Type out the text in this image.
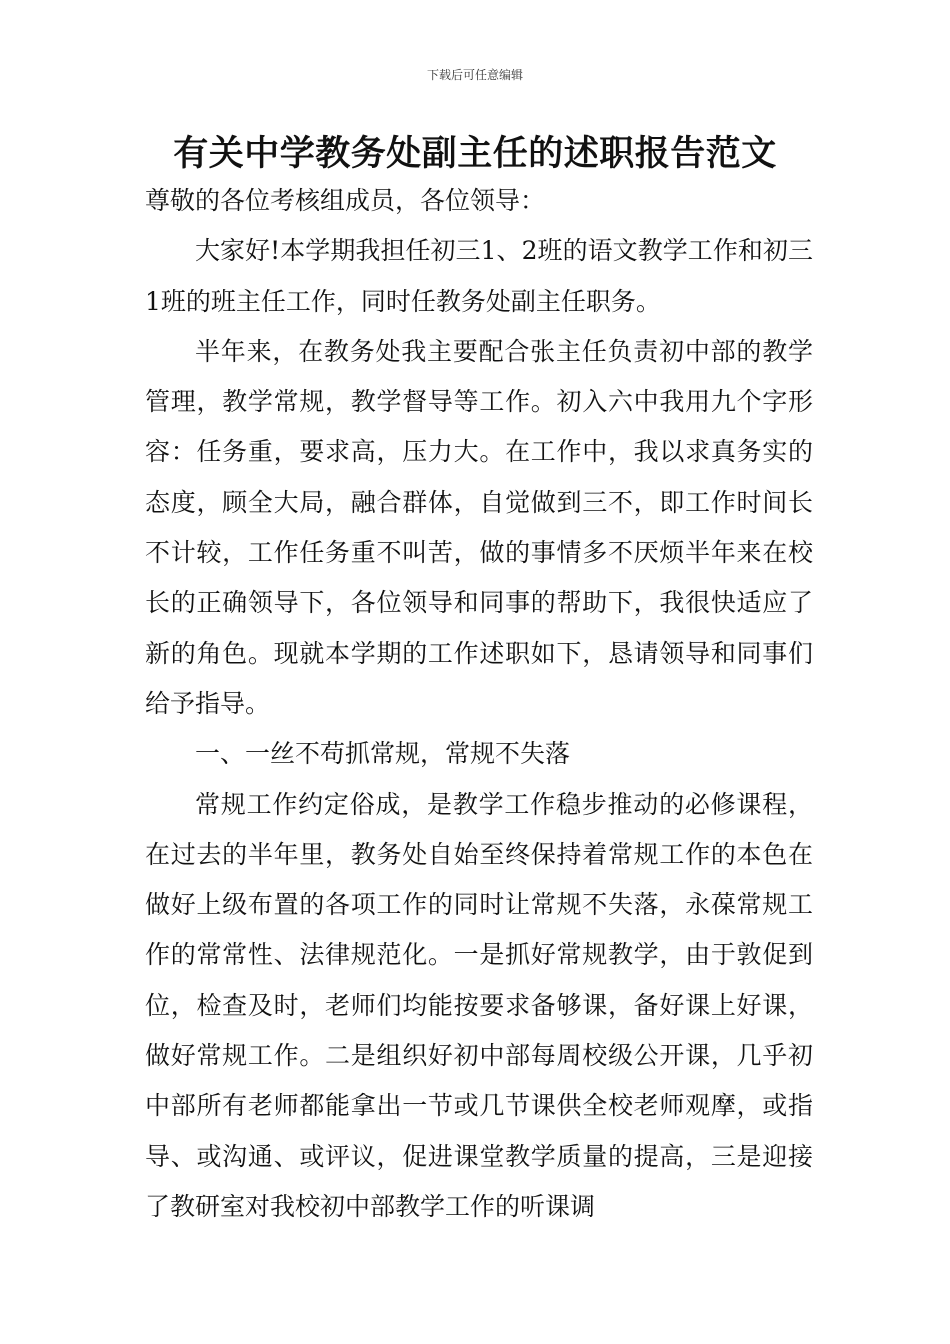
下载后可任意编辑
有关中学教务处副主任的述职报告范文

尊敬的各位考核组成员，各位领导：

大家好!本学期我担任初三1、2班的语文教学工作和初三1班的班主任工作，同时任教务处副主任职务。

半年来，在教务处我主要配合张主任负责初中部的教学管理，教学常规，教学督导等工作。初入六中我用九个字形容：任务重，要求高，压力大。在工作中，我以求真务实的态度，顾全大局，融合群体，自觉做到三不，即工作时间长不计较，工作任务重不叫苦，做的事情多不厌烦半年来在校长的正确领导下，各位领导和同事的帮助下，我很快适应了新的角色。现就本学期的工作述职如下，恳请领导和同事们给予指导。

一、一丝不苟抓常规，常规不失落

常规工作约定俗成，是教学工作稳步推动的必修课程，在过去的半年里，教务处自始至终保持着常规工作的本色在做好上级布置的各项工作的同时让常规不失落，永葆常规工作的常常性、法律规范化。一是抓好常规教学，由于敦促到位，检查及时，老师们均能按要求备够课，备好课上好课，做好常规工作。二是组织好初中部每周校级公开课，几乎初中部所有老师都能拿出一节或几节课供全校老师观摩，或指导、或沟通、或评议，促进课堂教学质量的提高，三是迎接了教研室对我校初中部教学工作的听课调
